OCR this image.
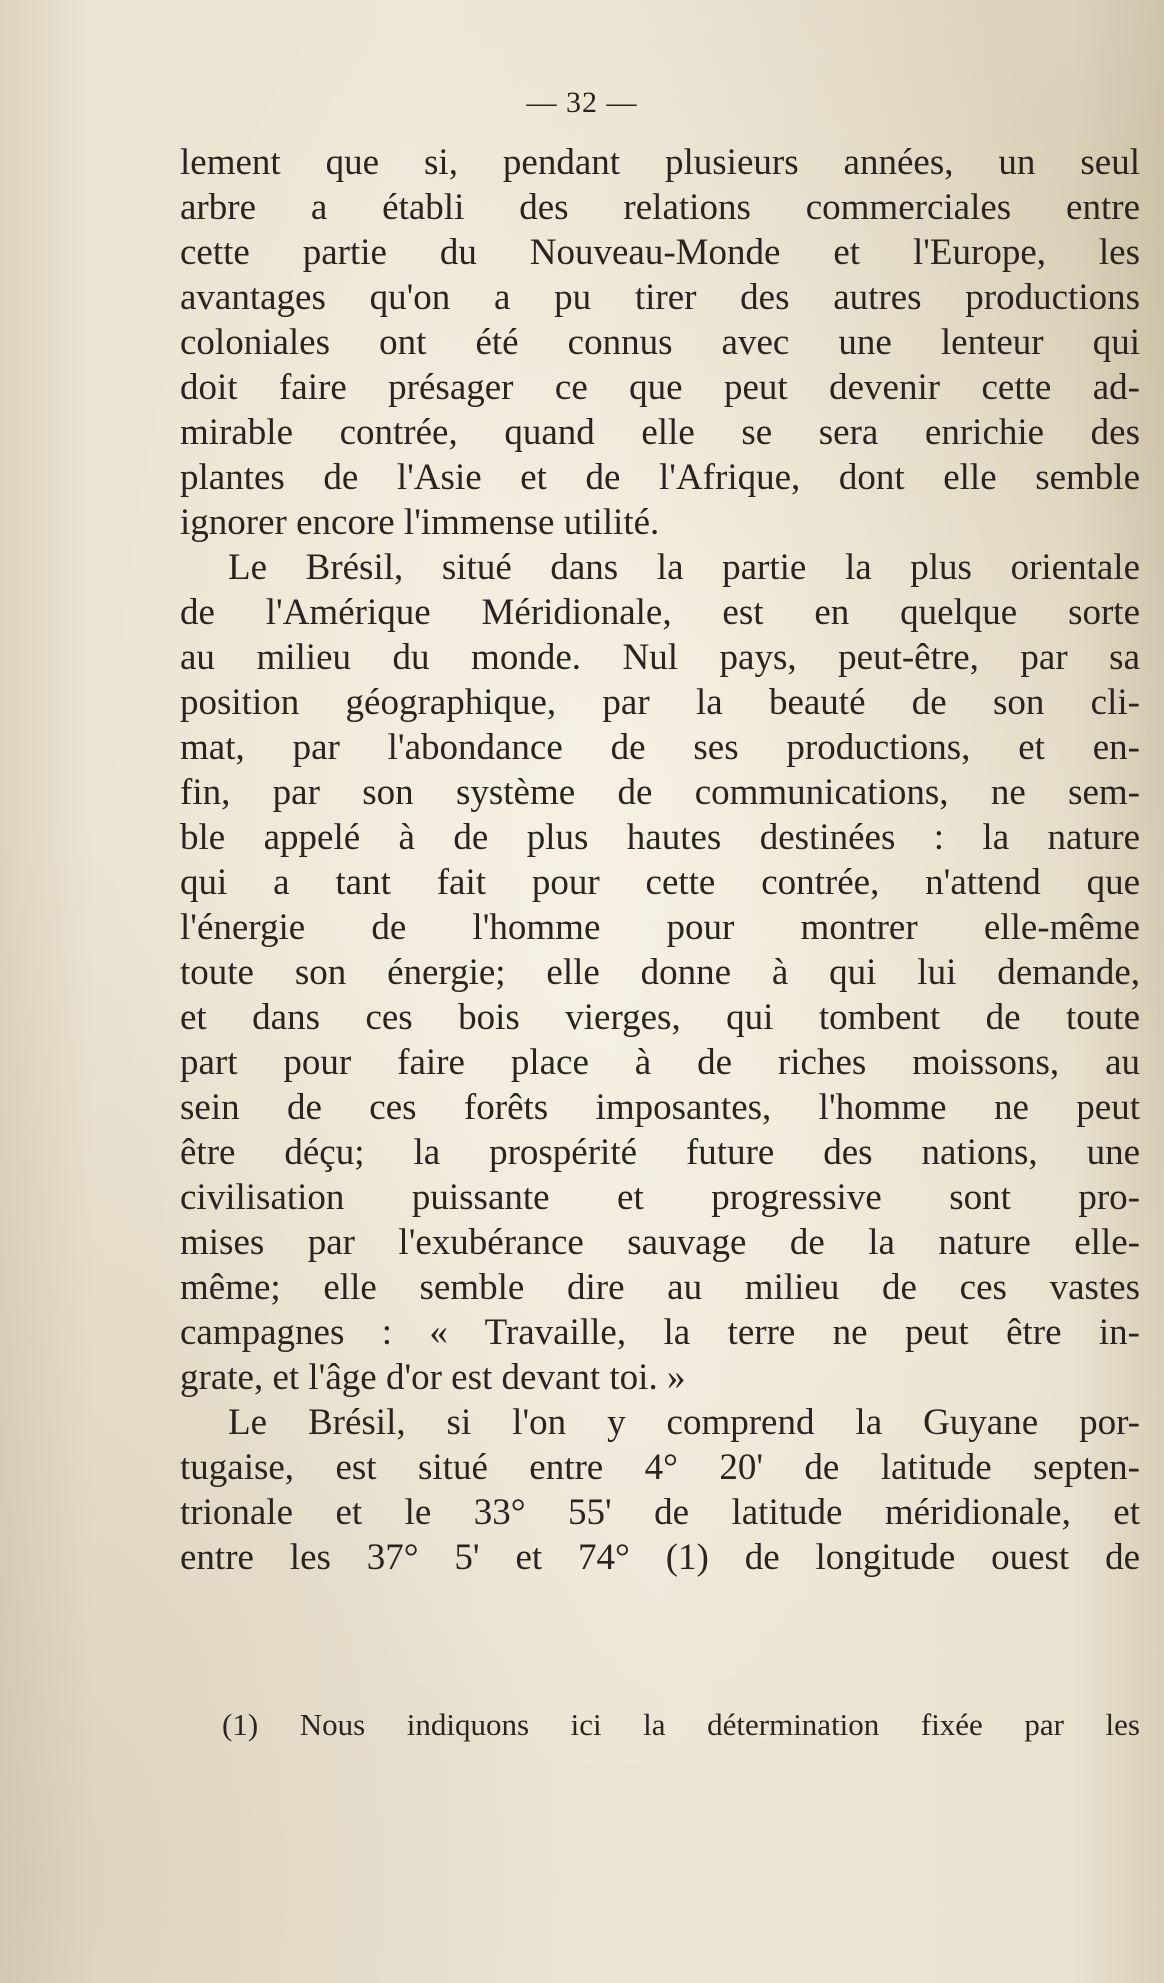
— 32 —
lement que si, pendant plusieurs années, un seul
arbre a établi des relations commerciales entre
cette partie du Nouveau-Monde et l'Europe, les
avantages qu'on a pu tirer des autres productions
coloniales ont été connus avec une lenteur qui
doit faire présager ce que peut devenir cette ad-
mirable contrée, quand elle se sera enrichie des
plantes de l'Asie et de l'Afrique, dont elle semble
ignorer encore l'immense utilité.
Le Brésil, situé dans la partie la plus orientale
de l'Amérique Méridionale, est en quelque sorte
au milieu du monde. Nul pays, peut-être, par sa
position géographique, par la beauté de son cli-
mat, par l'abondance de ses productions, et en-
fin, par son système de communications, ne sem-
ble appelé à de plus hautes destinées : la nature
qui a tant fait pour cette contrée, n'attend que
l'énergie de l'homme pour montrer elle-même
toute son énergie; elle donne à qui lui demande,
et dans ces bois vierges, qui tombent de toute
part pour faire place à de riches moissons, au
sein de ces forêts imposantes, l'homme ne peut
être déçu; la prospérité future des nations, une
civilisation puissante et progressive sont pro-
mises par l'exubérance sauvage de la nature elle-
même; elle semble dire au milieu de ces vastes
campagnes : « Travaille, la terre ne peut être in-
grate, et l'âge d'or est devant toi. »
Le Brésil, si l'on y comprend la Guyane por-
tugaise, est situé entre 4° 20' de latitude septen-
trionale et le 33° 55' de latitude méridionale, et
entre les 37° 5' et 74° (1) de longitude ouest de
(1) Nous indiquons ici la détermination fixée par les
